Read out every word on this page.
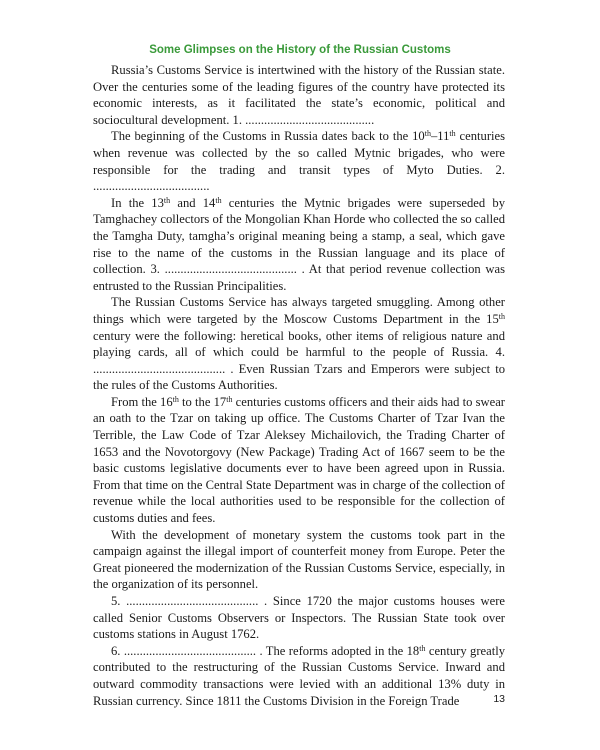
Some Glimpses on the History of the Russian Customs

Russia’s Customs Service is intertwined with the history of the Russian state. Over the centuries some of the leading figures of the country have protected its economic interests, as it facilitated the state’s economic, political and sociocultural development. 1. .........................................

The beginning of the Customs in Russia dates back to the 10th–11th centuries when revenue was collected by the so called Mytnic brigades, who were responsible for the trading and transit types of Myto Duties. 2. .....................................

In the 13th and 14th centuries the Mytnic brigades were superseded by Tamghachey collectors of the Mongolian Khan Horde who collected the so called the Tamgha Duty, tamgha’s original meaning being a stamp, a seal, which gave rise to the name of the customs in the Russian language and its place of collection. 3. .......................................... . At that period revenue collection was entrusted to the Russian Principalities.

The Russian Customs Service has always targeted smuggling. Among other things which were targeted by the Moscow Customs Department in the 15th century were the following: heretical books, other items of religious nature and playing cards, all of which could be harmful to the people of Russia. 4. .......................................... . Even Russian Tzars and Emperors were subject to the rules of the Customs Authorities.

From the 16th to the 17th centuries customs officers and their aids had to swear an oath to the Tzar on taking up office. The Customs Charter of Tzar Ivan the Terrible, the Law Code of Tzar Aleksey Michailovich, the Trading Charter of 1653 and the Novotorgovy (New Package) Trading Act of 1667 seem to be the basic customs legislative documents ever to have been agreed upon in Russia. From that time on the Central State Department was in charge of the collection of revenue while the local authorities used to be responsible for the collection of customs duties and fees.

With the development of monetary system the customs took part in the campaign against the illegal import of counterfeit money from Europe. Peter the Great pioneered the modernization of the Russian Customs Service, especially, in the organization of its personnel.

5. .......................................... . Since 1720 the major customs houses were called Senior Customs Observers or Inspectors. The Russian State took over customs stations in August 1762.

6. .......................................... . The reforms adopted in the 18th century greatly contributed to the restructuring of the Russian Customs Service. Inward and outward commodity transactions were levied with an additional 13% duty in Russian currency. Since 1811 the Customs Division in the Foreign Trade	13
